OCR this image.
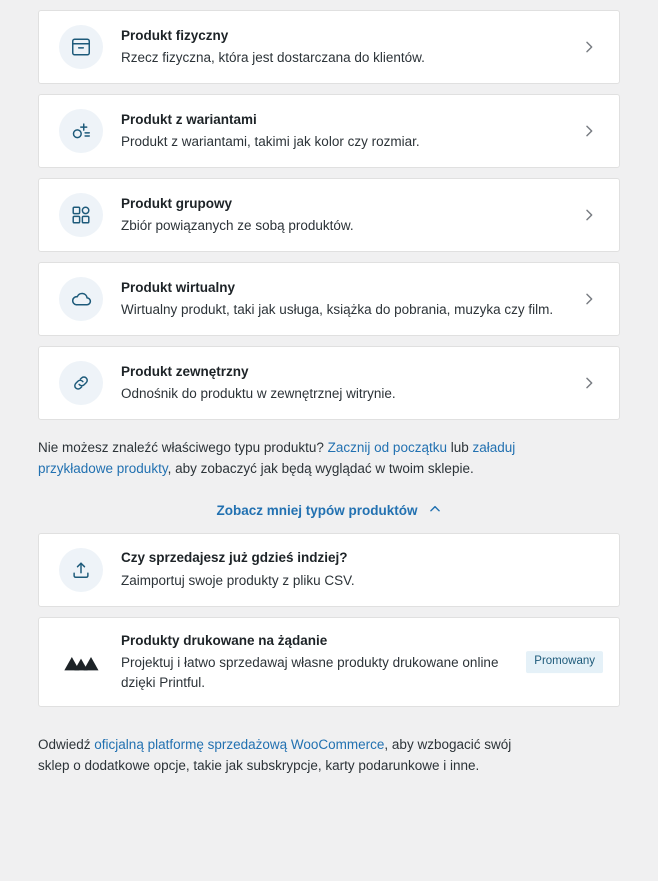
Produkt fizyczny

Rzecz fizyczna, która jest dostarczana do klientów.

Produkt z wariantami

Produkt z wariantami, takimi jak kolor czy rozmiar.

Produkt grupowy

Zbiór powiązanych ze sobą produktów.

Produkt wirtualny

Wirtualny produkt, taki jak usługa, książka do pobrania, muzyka czy film.

Produkt zewnętrzny

Odnośnik do produktu w zewnętrznej witrynie.

Nie możesz znaleźć właściwego typu produktu? Zacznij od początku lub załaduj przykładowe produkty, aby zobaczyć jak będą wyglądać w twoim sklepie.
Zobacz mniej typów produktów

Czy sprzedajesz już gdzieś indziej?

Zaimportuj swoje produkty z pliku CSV.

Produkty drukowane na żądanie

Projektuj i łatwo sprzedawaj własne produkty drukowane online dzięki Printful.

Promowany
Odwiedź oficjalną platformę sprzedażową WooCommerce, aby wzbogacić swój sklep o dodatkowe opcje, takie jak subskrypcje, karty podarunkowe i inne.
